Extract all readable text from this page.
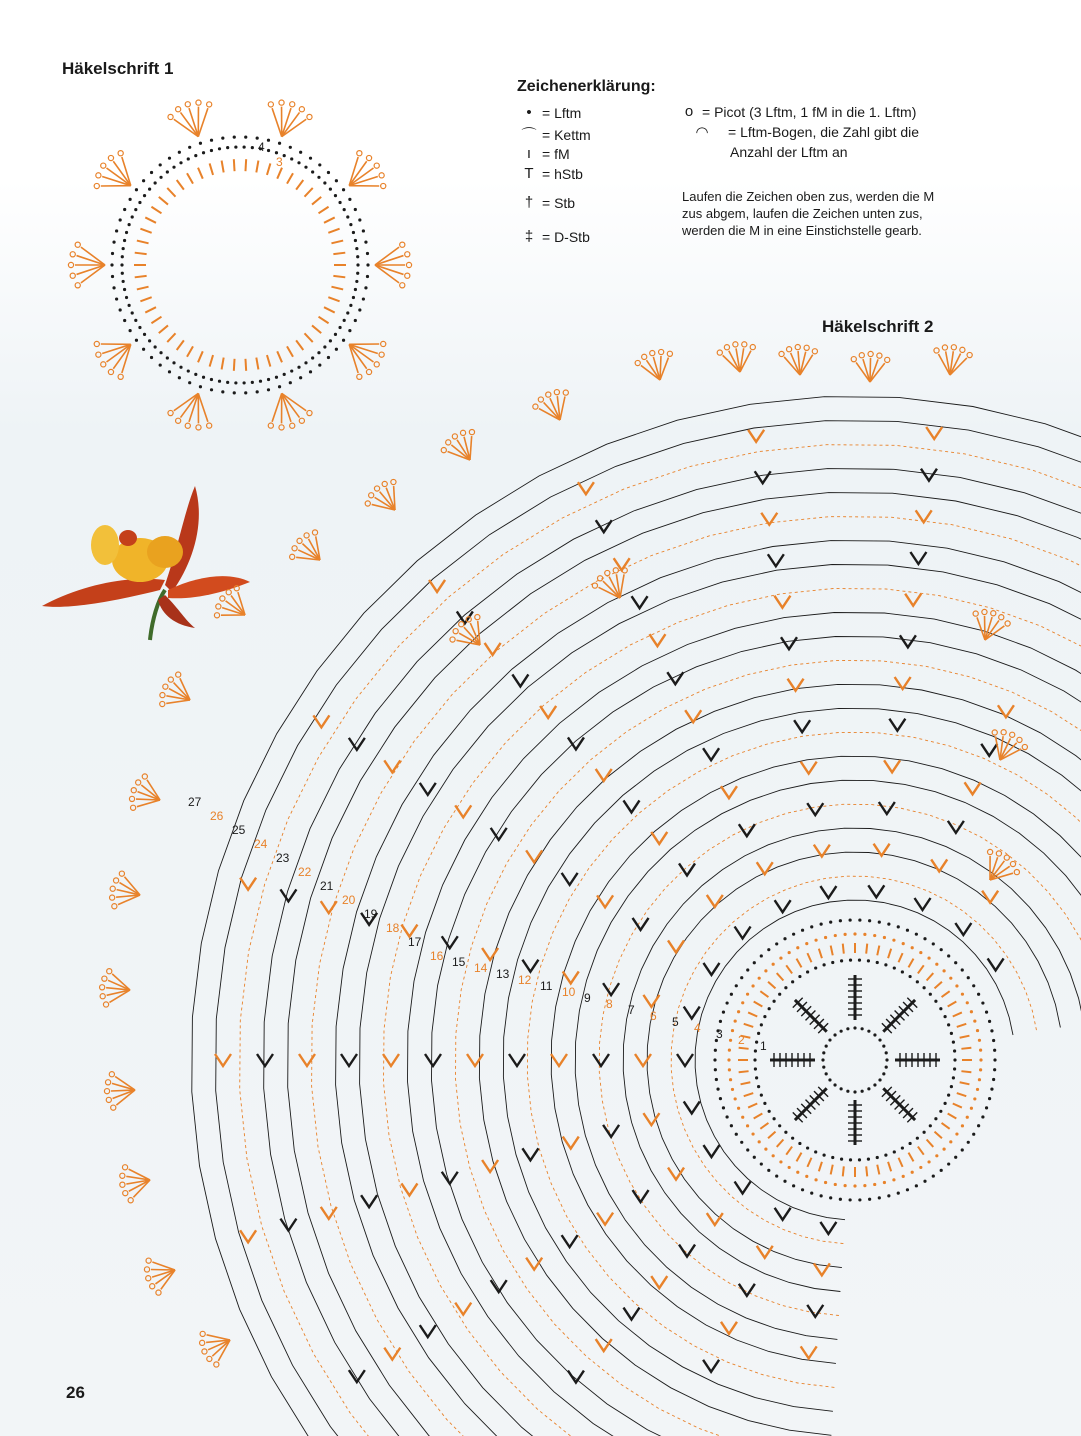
Häkelschrift 1
Häkelschrift 2
Zeichenerklärung:
• = Lftm
⌒ = Kettm
ı = fM
T = hStb
† = Stb
‡ = D-Stb
o = Picot (3 Lftm, 1 fM in die 1. Lftm)
◠	= Lftm-Bogen, die Zahl gibt die
Anzahl der Lftm an
Laufen die Zeichen oben zus, werden die M
zus abgem, laufen die Zeichen unten zus,
werden die M in eine Einstichstelle gearb.
26
4
3
1
2
3
4
5
6
7
8
9
10
11
12
13
14
15
16
17
18
19
20
21
22
23
24
25
26
27
